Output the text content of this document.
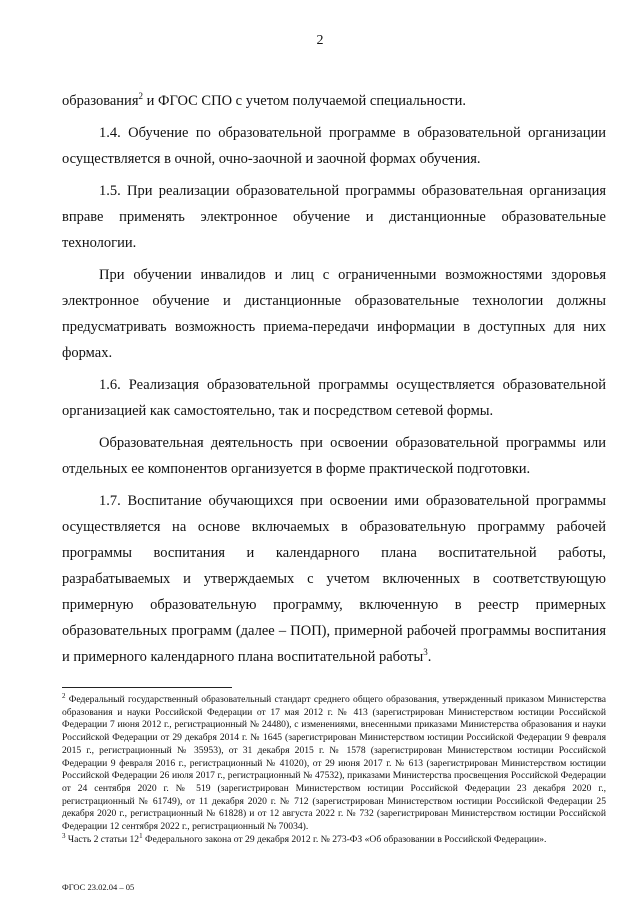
2

образования$^2$ и ФГОС СПО с учетом получаемой специальности.

1.4. Обучение по образовательной программе в образовательной организации осуществляется в очной, очно-заочной и заочной формах обучения.

1.5. При реализации образовательной программы образовательная организация вправе применять электронное обучение и дистанционные образовательные технологии.

При обучении инвалидов и лиц с ограниченными возможностями здоровья электронное обучение и дистанционные образовательные технологии должны предусматривать возможность приема-передачи информации в доступных для них формах.

1.6. Реализация образовательной программы осуществляется образовательной организацией как самостоятельно, так и посредством сетевой формы.

Образовательная деятельность при освоении образовательной программы или отдельных ее компонентов организуется в форме практической подготовки.

1.7. Воспитание обучающихся при освоении ими образовательной программы осуществляется на основе включаемых в образовательную программу рабочей программы воспитания и календарного плана воспитательной работы, разрабатываемых и утверждаемых с учетом включенных в соответствующую примерную образовательную программу, включенную в реестр примерных образовательных программ (далее – ПОП), примерной рабочей программы воспитания и примерного календарного плана воспитательной работы$^3$.

$^2$ Федеральный государственный образовательный стандарт среднего общего образования, утвержденный приказом Министерства образования и науки Российской Федерации от 17 мая 2012 г. № 413 (зарегистрирован Министерством юстиции Российской Федерации 7 июня 2012 г., регистрационный № 24480), с изменениями, внесенными приказами Министерства образования и науки Российской Федерации от 29 декабря 2014 г. № 1645 (зарегистрирован Министерством юстиции Российской Федерации 9 февраля 2015 г., регистрационный № 35953), от 31 декабря 2015 г. № 1578 (зарегистрирован Министерством юстиции Российской Федерации 9 февраля 2016 г., регистрационный № 41020), от 29 июня 2017 г. № 613 (зарегистрирован Министерством юстиции Российской Федерации 26 июля 2017 г., регистрационный № 47532), приказами Министерства просвещения Российской Федерации от 24 сентября 2020 г. № 519 (зарегистрирован Министерством юстиции Российской Федерации 23 декабря 2020 г., регистрационный № 61749), от 11 декабря 2020 г. № 712 (зарегистрирован Министерством юстиции Российской Федерации 25 декабря 2020 г., регистрационный № 61828) и от 12 августа 2022 г. № 732 (зарегистрирован Министерством юстиции Российской Федерации 12 сентября 2022 г., регистрационный № 70034).

$^3$ Часть 2 статьи $12^1$ Федерального закона от 29 декабря 2012 г. № 273-ФЗ «Об образовании в Российской Федерации».

ФГОС 23.02.04 – 05
